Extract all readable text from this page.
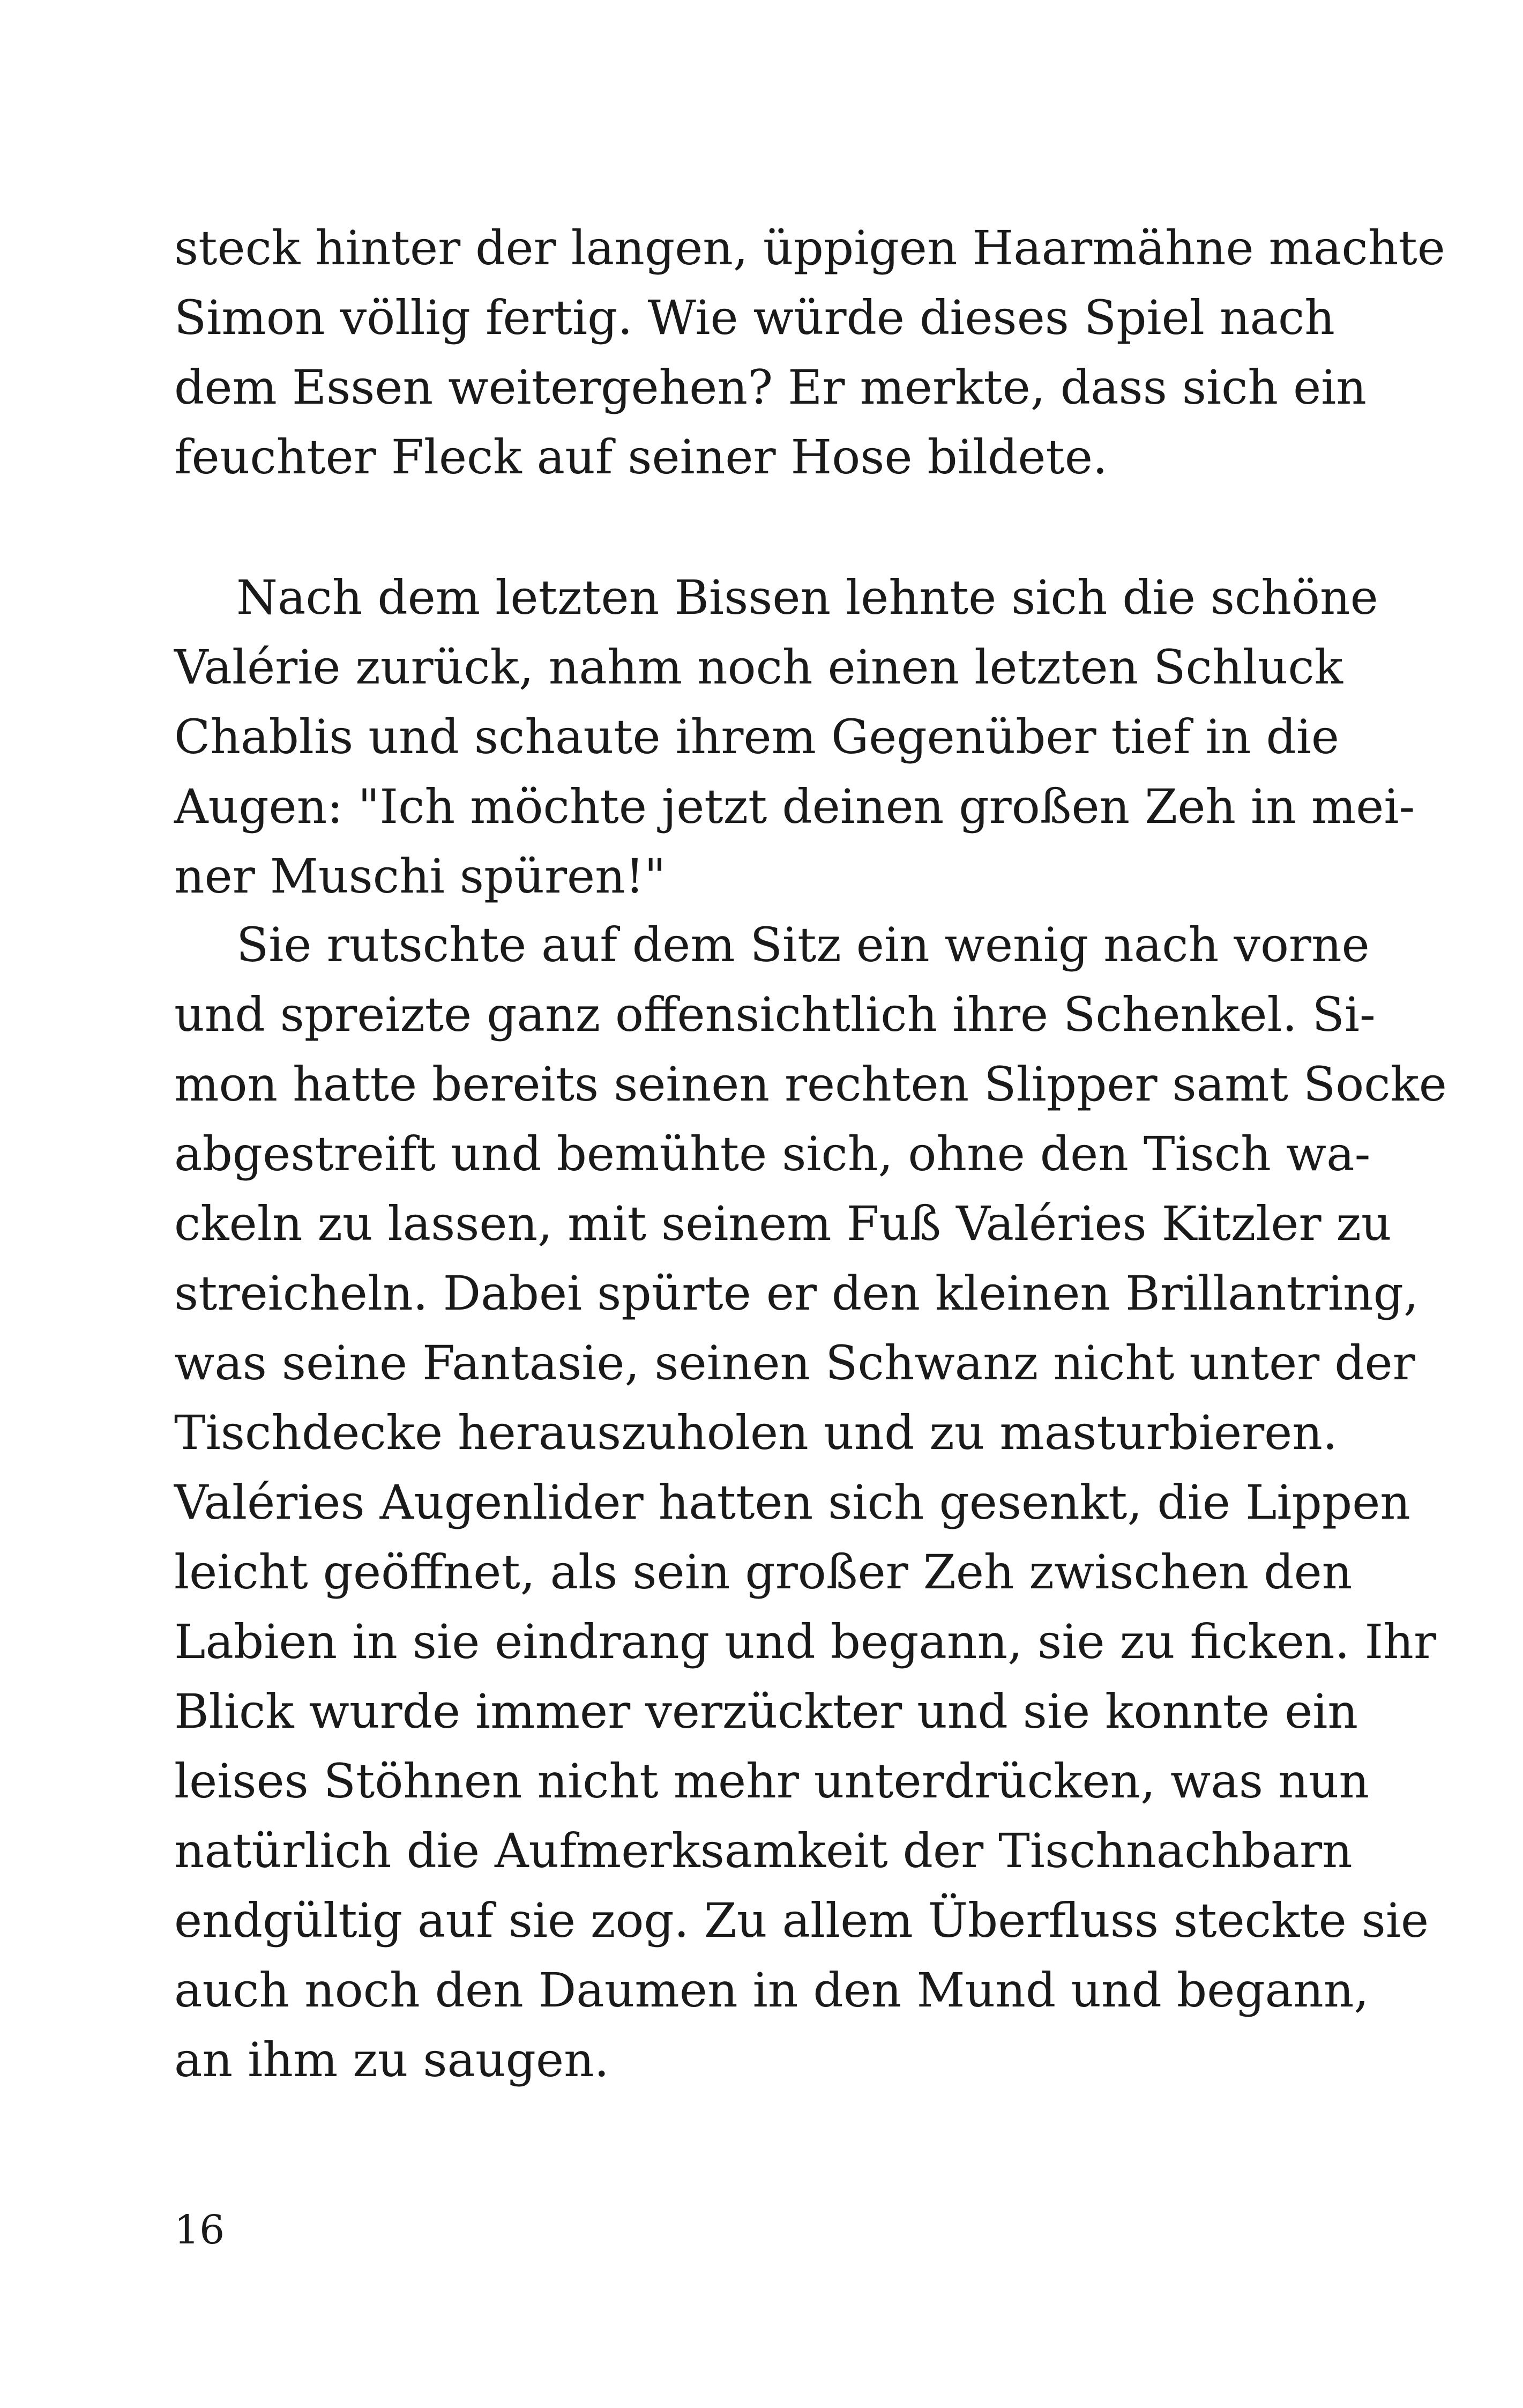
steck hinter der langen, üppigen Haarmähne machte
Simon völlig fertig. Wie würde dieses Spiel nach
dem Essen weitergehen? Er merkte, dass sich ein
feuchter Fleck auf seiner Hose bildete.
Nach dem letzten Bissen lehnte sich die schöne
Valérie zurück, nahm noch einen letzten Schluck
Chablis und schaute ihrem Gegenüber tief in die
Augen: "Ich möchte jetzt deinen großen Zeh in mei-
ner Muschi spüren!"
Sie rutschte auf dem Sitz ein wenig nach vorne
und spreizte ganz offensichtlich ihre Schenkel. Si-
mon hatte bereits seinen rechten Slipper samt Socke
abgestreift und bemühte sich, ohne den Tisch wa-
ckeln zu lassen, mit seinem Fuß Valéries Kitzler zu
streicheln. Dabei spürte er den kleinen Brillantring,
was seine Fantasie, seinen Schwanz nicht unter der
Tischdecke herauszuholen und zu masturbieren.
Valéries Augenlider hatten sich gesenkt, die Lippen
leicht geöffnet, als sein großer Zeh zwischen den
Labien in sie eindrang und begann, sie zu ficken. Ihr
Blick wurde immer verzückter und sie konnte ein
leises Stöhnen nicht mehr unterdrücken, was nun
natürlich die Aufmerksamkeit der Tischnachbarn
endgültig auf sie zog. Zu allem Überfluss steckte sie
auch noch den Daumen in den Mund und begann,
an ihm zu saugen.
16
